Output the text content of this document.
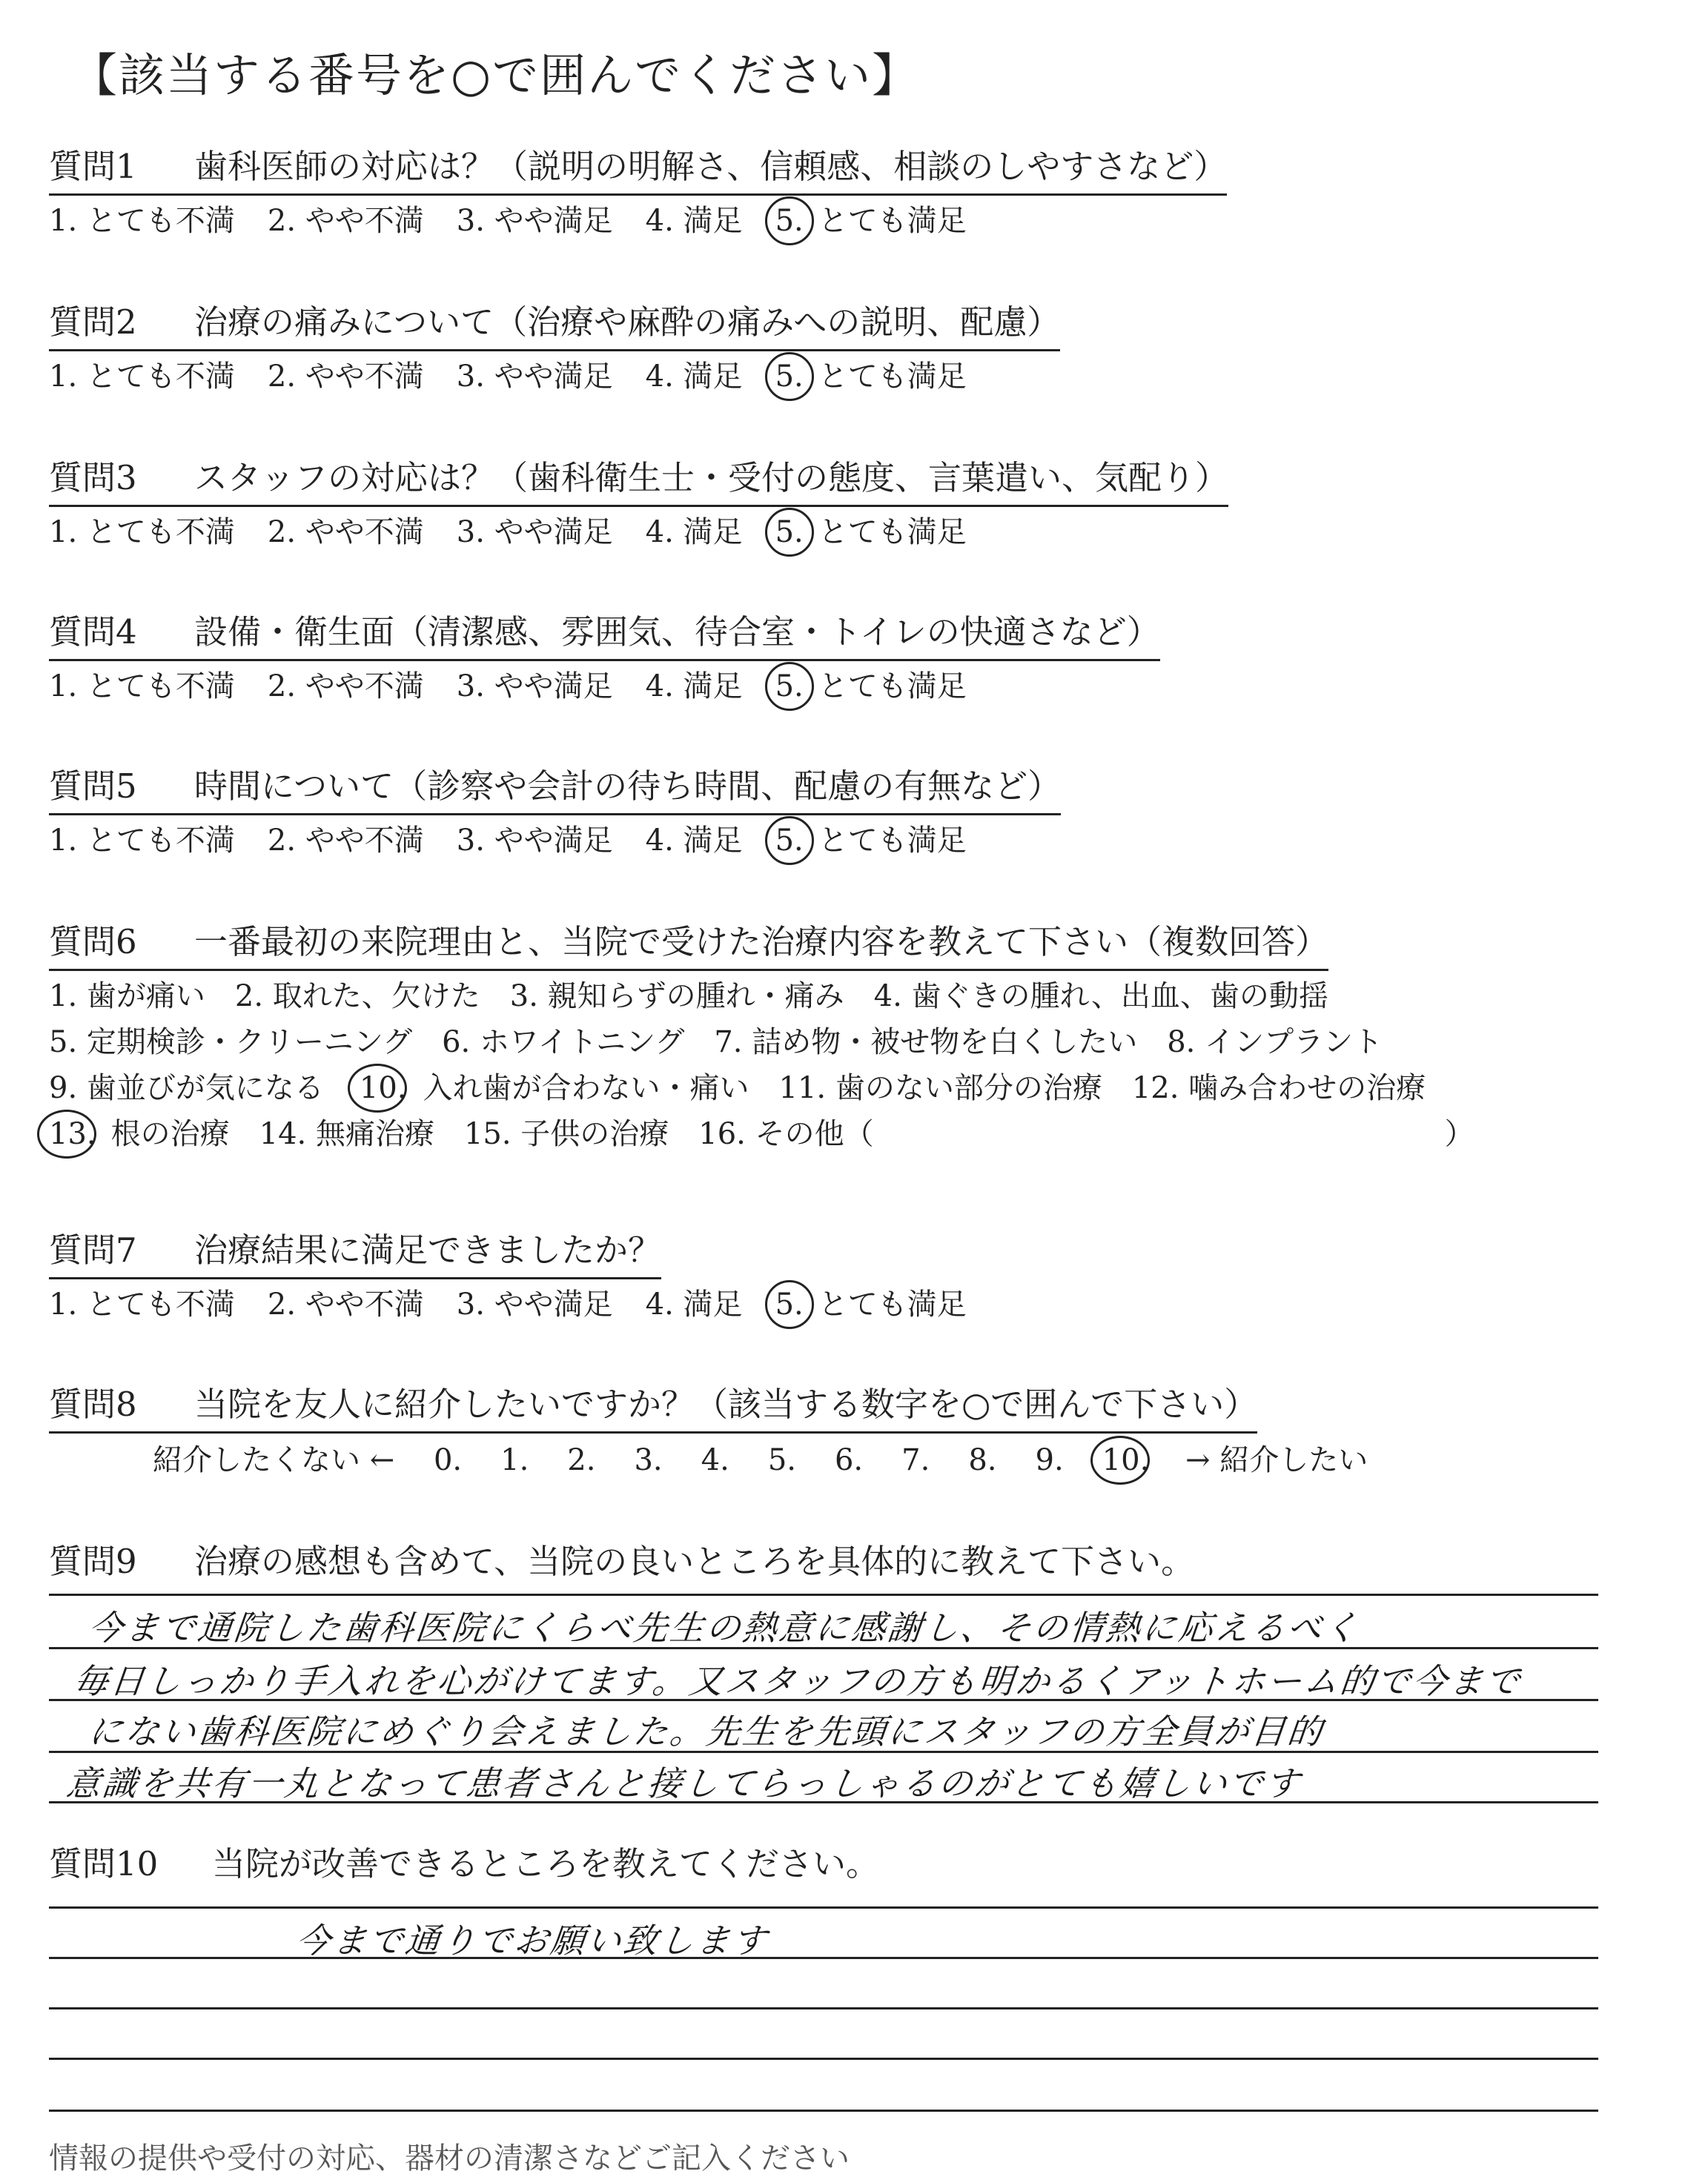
【該当する番号を○で囲んでください】
質問1 歯科医師の対応は？（説明の明解さ、信頼感、相談のしやすさなど）
1. とても不満 2. やや不満 3. やや満足 4. 満足 5. とても満足
質問2 治療の痛みについて（治療や麻酔の痛みへの説明、配慮）
1. とても不満 2. やや不満 3. やや満足 4. 満足 5. とても満足
質問3 スタッフの対応は？（歯科衛生士・受付の態度、言葉遣い、気配り）
1. とても不満 2. やや不満 3. やや満足 4. 満足 5. とても満足
質問4 設備・衛生面（清潔感、雰囲気、待合室・トイレの快適さなど）
1. とても不満 2. やや不満 3. やや満足 4. 満足 5. とても満足
質問5 時間について（診察や会計の待ち時間、配慮の有無など）
1. とても不満 2. やや不満 3. やや満足 4. 満足 5. とても満足
質問6 一番最初の来院理由と、当院で受けた治療内容を教えて下さい（複数回答）
1. 歯が痛い　2. 取れた、欠けた　3. 親知らずの腫れ・痛み　4. 歯ぐきの腫れ、出血、歯の動揺
5. 定期検診・クリーニング　6. ホワイトニング　7. 詰め物・被せ物を白くしたい　8. インプラント
9. 歯並びが気になる 10. 入れ歯が合わない・痛い　11. 歯のない部分の治療　12. 噛み合わせの治療
13. 根の治療　14. 無痛治療　15. 子供の治療　16. その他（	）
質問7 治療結果に満足できましたか？
1. とても不満 2. やや不満 3. やや満足 4. 満足 5. とても満足
質問8 当院を友人に紹介したいですか？（該当する数字を○で囲んで下さい）
紹介したくない ← 0. 1. 2. 3. 4. 5. 6. 7. 8. 9. 10. → 紹介したい
質問9 治療の感想も含めて、当院の良いところを具体的に教えて下さい。
今まで通院した歯科医院にくらべ先生の熱意に感謝し、その情熱に応えるべく
毎日しっかり手入れを心がけてます。又スタッフの方も明かるくアットホーム的で今まで
にない歯科医院にめぐり会えました。先生を先頭にスタッフの方全員が目的
意識を共有一丸となって患者さんと接してらっしゃるのがとても嬉しいです
質問10 当院が改善できるところを教えてください。
今まで通りでお願い致します
情報の提供や受付の対応、器材の清潔さなどご記入ください
